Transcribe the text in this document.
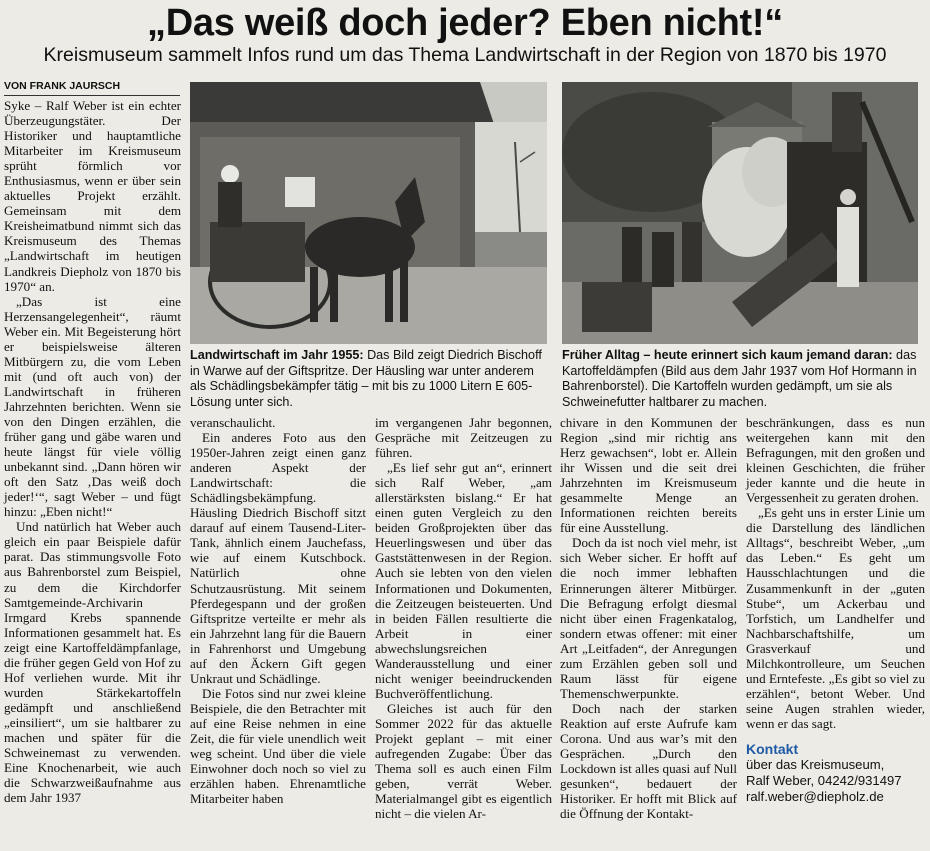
„Das weiß doch jeder? Eben nicht!“
Kreismuseum sammelt Infos rund um das Thema Landwirtschaft in der Region von 1870 bis 1970
VON FRANK JAURSCH

Syke – Ralf Weber ist ein echter Überzeugungstäter. Der Historiker und hauptamtliche Mitarbeiter im Kreismuseum sprüht förmlich vor Enthusiasmus, wenn er über sein aktuelles Projekt erzählt. Gemeinsam mit dem Kreisheimatbund nimmt sich das Kreismuseum des Themas „Landwirtschaft im heutigen Landkreis Diepholz von 1870 bis 1970“ an.

„Das ist eine Herzensangelegenheit“, räumt Weber ein. Mit Begeisterung hört er beispielsweise älteren Mitbürgern zu, die vom Leben mit (und oft auch von) der Landwirtschaft in früheren Jahrzehnten berichten. Wenn sie von den Dingen erzählen, die früher gang und gäbe waren und heute längst für viele völlig unbekannt sind. „Dann hören wir oft den Satz ‚Das weiß doch jeder!‘“, sagt Weber – und fügt hinzu: „Eben nicht!“

Und natürlich hat Weber auch gleich ein paar Beispiele dafür parat. Das stimmungsvolle Foto aus Bahrenborstel zum Beispiel, zu dem die Kirchdorfer Samtgemeinde-Archivarin Irmgard Krebs spannende Informationen gesammelt hat. Es zeigt eine Kartoffeldämpfanlage, die früher gegen Geld von Hof zu Hof verliehen wurde. Mit ihr wurden Stärkekartoffeln gedämpft und anschließend „einsiliert“, um sie haltbarer zu machen und später für die Schweinemast zu verwenden. Eine Knochenarbeit, wie auch die Schwarzweißaufnahme aus dem Jahr 1937

Landwirtschaft im Jahr 1955: Das Bild zeigt Diedrich Bischoff in Warwe auf der Giftspritze. Der Häusling war unter anderem als Schädlingsbekämpfer tätig – mit bis zu 1000 Litern E 605-Lösung unter sich.
Früher Alltag – heute erinnert sich kaum jemand daran: das Kartoffeldämpfen (Bild aus dem Jahr 1937 vom Hof Hormann in Bahrenborstel). Die Kartoffeln wurden gedämpft, um sie als Schweinefutter haltbarer zu machen.

veranschaulicht.

Ein anderes Foto aus den 1950er-Jahren zeigt einen ganz anderen Aspekt der Landwirtschaft: die Schädlingsbekämpfung. Häusling Diedrich Bischoff sitzt darauf auf einem Tausend-Liter-Tank, ähnlich einem Jauchefass, wie auf einem Kutschbock. Natürlich ohne Schutzausrüstung. Mit seinem Pferdegespann und der großen Giftspritze verteilte er mehr als ein Jahrzehnt lang für die Bauern in Fahrenhorst und Umgebung auf den Äckern Gift gegen Unkraut und Schädlinge.

Die Fotos sind nur zwei kleine Beispiele, die den Betrachter mit auf eine Reise nehmen in eine Zeit, die für viele unendlich weit weg scheint. Und über die viele Einwohner doch noch so viel zu erzählen haben. Ehrenamtliche Mitarbeiter haben

im vergangenen Jahr begonnen, Gespräche mit Zeitzeugen zu führen.

„Es lief sehr gut an“, erinnert sich Ralf Weber, „am allerstärksten bislang.“ Er hat einen guten Vergleich zu den beiden Großprojekten über das Heuerlingswesen und über das Gaststättenwesen in der Region. Auch sie lebten von den vielen Informationen und Dokumenten, die Zeitzeugen beisteuerten. Und in beiden Fällen resultierte die Arbeit in einer abwechslungsreichen Wanderausstellung und einer nicht weniger beeindruckenden Buchveröffentlichung.

Gleiches ist auch für den Sommer 2022 für das aktuelle Projekt geplant – mit einer aufregenden Zugabe: Über das Thema soll es auch einen Film geben, verrät Weber. Materialmangel gibt es eigentlich nicht – die vielen Ar-

chivare in den Kommunen der Region „sind mir richtig ans Herz gewachsen“, lobt er. Allein ihr Wissen und die seit drei Jahrzehnten im Kreismuseum gesammelte Menge an Informationen reichten bereits für eine Ausstellung.

Doch da ist noch viel mehr, ist sich Weber sicher. Er hofft auf die noch immer lebhaften Erinnerungen älterer Mitbürger. Die Befragung erfolgt diesmal nicht über einen Fragenkatalog, sondern etwas offener: mit einer Art „Leitfaden“, der Anregungen zum Erzählen geben soll und Raum lässt für eigene Themenschwerpunkte.

Doch nach der starken Reaktion auf erste Aufrufe kam Corona. Und aus war’s mit den Gesprächen. „Durch den Lockdown ist alles quasi auf Null gesunken“, bedauert der Historiker. Er hofft mit Blick auf die Öffnung der Kontakt-

beschränkungen, dass es nun weitergehen kann mit den Befragungen, mit den großen und kleinen Geschichten, die früher jeder kannte und die heute in Vergessenheit zu geraten drohen.

„Es geht uns in erster Linie um die Darstellung des ländlichen Alltags“, beschreibt Weber, „um das Leben.“ Es geht um Hausschlachtungen und die Zusammenkunft in der „guten Stube“, um Ackerbau und Torfstich, um Landhelfer und Nachbarschaftshilfe, um Grasverkauf und Milchkontrolleure, um Seuchen und Erntefeste. „Es gibt so viel zu erzählen“, betont Weber. Und seine Augen strahlen wieder, wenn er das sagt.

Kontakt
über das Kreismuseum,
Ralf Weber, 04242/931497
ralf.weber@diepholz.de
